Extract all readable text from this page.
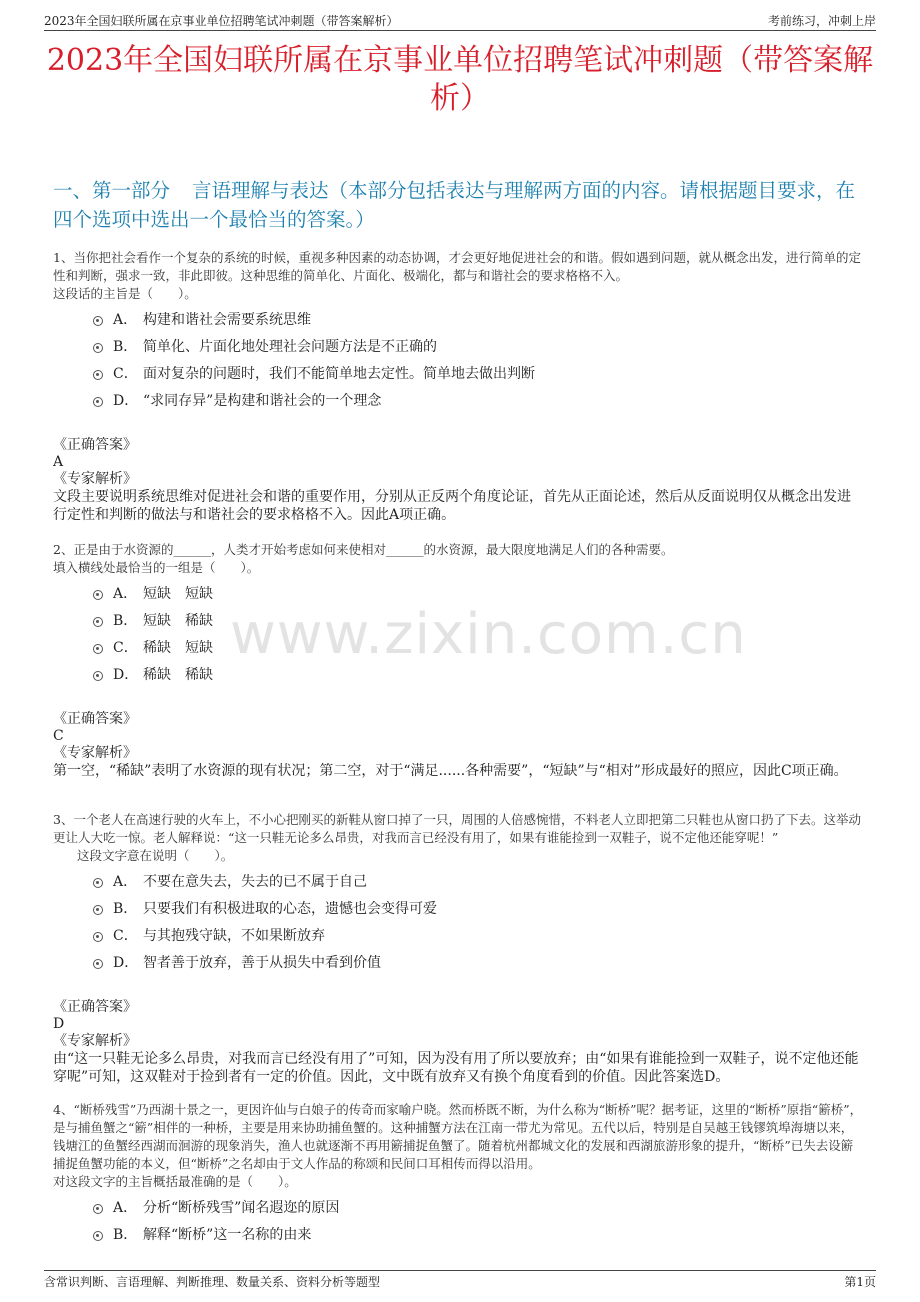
2023年全国妇联所属在京事业单位招聘笔试冲刺题（带答案解析）	考前练习，冲刺上岸
2023年全国妇联所属在京事业单位招聘笔试冲刺题（带答案解析）
一、第一部分 言语理解与表达（本部分包括表达与理解两方面的内容。请根据题目要求，在四个选项中选出一个最恰当的答案。）
www.zixin.com.cn

1、当你把社会看作一个复杂的系统的时候，重视多种因素的动态协调，才会更好地促进社会的和谐。假如遇到问题，就从概念出发，进行简单的定性和判断，强求一致，非此即彼。这种思维的简单化、片面化、极端化，都与和谐社会的要求格格不入。

这段话的主旨是（　　）。

A． 构建和谐社会需要系统思维
B． 简单化、片面化地处理社会问题方法是不正确的
C． 面对复杂的问题时，我们不能简单地去定性。简单地去做出判断
D． “求同存异”是构建和谐社会的一个理念

《正确答案》

A

《专家解析》

文段主要说明系统思维对促进社会和谐的重要作用，分别从正反两个角度论证，首先从正面论述，然后从反面说明仅从概念出发进行定性和判断的做法与和谐社会的要求格格不入。因此A项正确。

2、正是由于水资源的______，人类才开始考虑如何来使相对______的水资源，最大限度地满足人们的各种需要。

填入横线处最恰当的一组是（　　）。

A． 短缺　短缺
B． 短缺　稀缺
C． 稀缺　短缺
D． 稀缺　稀缺

《正确答案》

C

《专家解析》

第一空，“稀缺”表明了水资源的现有状况；第二空，对于“满足......各种需要”，“短缺”与“相对”形成最好的照应，因此C项正确。

3、一个老人在高速行驶的火车上，不小心把刚买的新鞋从窗口掉了一只，周围的人倍感惋惜，不料老人立即把第二只鞋也从窗口扔了下去。这举动更让人大吃一惊。老人解释说：“这一只鞋无论多么昂贵，对我而言已经没有用了，如果有谁能捡到一双鞋子，说不定他还能穿呢！”

这段文字意在说明（　　）。

A． 不要在意失去，失去的已不属于自己
B． 只要我们有积极进取的心态，遗憾也会变得可爱
C． 与其抱残守缺，不如果断放弃
D． 智者善于放弃，善于从损失中看到价值

《正确答案》

D

《专家解析》

由“这一只鞋无论多么昂贵，对我而言已经没有用了”可知，因为没有用了所以要放弃；由“如果有谁能捡到一双鞋子，说不定他还能穿呢”可知，这双鞋对于捡到者有一定的价值。因此，文中既有放弃又有换个角度看到的价值。因此答案选D。

4、“断桥残雪”乃西湖十景之一，更因许仙与白娘子的传奇而家喻户晓。然而桥既不断，为什么称为“断桥”呢？据考证，这里的“断桥”原指“簖桥”，是与捕鱼蟹之“簖”相伴的一种桥，主要是用来协助捕鱼蟹的。这种捕蟹方法在江南一带尤为常见。五代以后，特别是自吴越王钱镠筑埠海塘以来，钱塘江的鱼蟹经西湖而洄游的现象消失，渔人也就逐渐不再用簖捕捉鱼蟹了。随着杭州都城文化的发展和西湖旅游形象的提升，“断桥”已失去设簖捕捉鱼蟹功能的本义，但“断桥”之名却由于文人作品的称颂和民间口耳相传而得以沿用。

对这段文字的主旨概括最准确的是（　　）。

A． 分析“断桥残雪”闻名遐迩的原因
B． 解释“断桥”这一名称的由来
含常识判断、言语理解、判断推理、数量关系、资料分析等题型	第1页
